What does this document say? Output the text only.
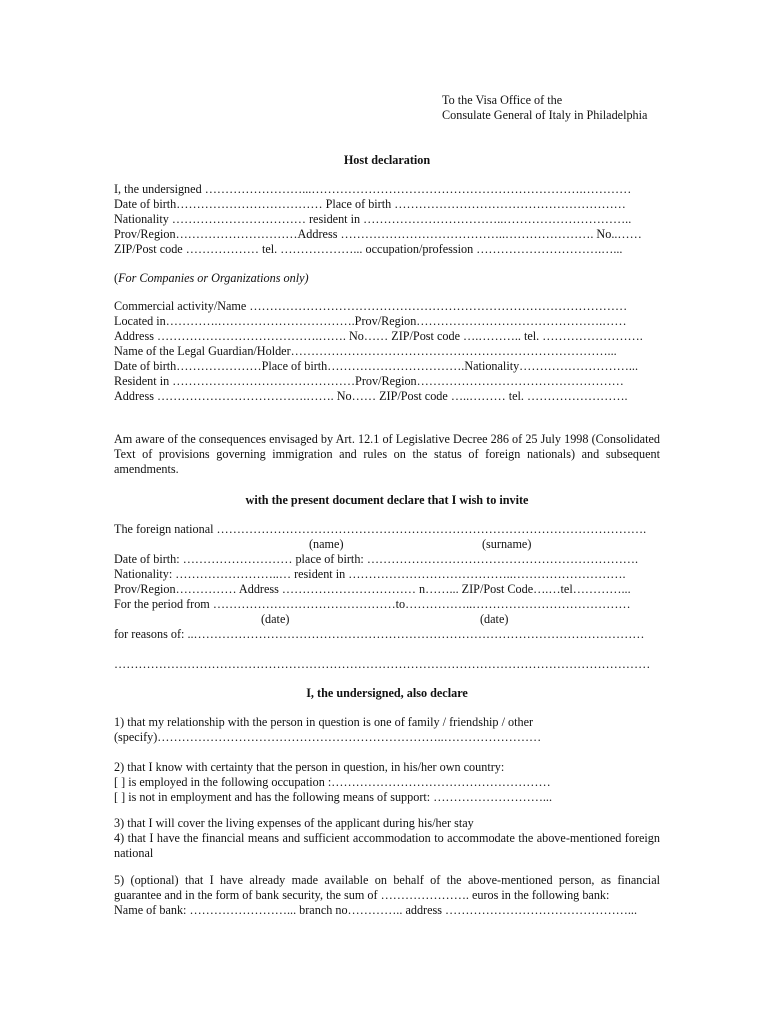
To the Visa Office of the
Consulate General of Italy in Philadelphia
Host declaration
I, the undersigned ……………………...………………………………………………………….…………
Date of birth……………………………… Place of birth …………………………………………………
Nationality …………………………… resident in ……………………………..…………………………..
Prov/Region…………………………Address …………………………………..…………………. No..……
ZIP/Post code ……………… tel. ………………... occupation/profession ………………………….…...
(For Companies or Organizations only)
Commercial activity/Name …………………………………………………………………………………
Located in………….…………………………….Prov/Region……………………………………….……
Address ………………………………….……. No…… ZIP/Post code ….……….. tel. …………………….
Name of the Legal Guardian/Holder……………………………………………………………………...
Date of birth…………………Place of birth…………………………….Nationality………………………...
Resident in ………………………………………Prov/Region……………………………………………
Address ……………………………….……. No…… ZIP/Post code …..……… tel. …………………….
Am aware of the consequences envisaged by Art. 12.1 of Legislative Decree 286 of 25 July 1998 (Consolidated Text of provisions governing immigration and rules on the status of foreign nationals) and subsequent amendments.
with the present document declare that I wish to invite
The foreign national …………………………………………………………………………………………….
(name)	(surname)
Date of birth: ……………………… place of birth: ………………………………………………………….
Nationality: ……………………..… resident in …………………………………..……………………….
Prov/Region…………… Address …………………………… n……... ZIP/Post Code….…tel…………...
For the period from ………………………………………to……………..…………………………………
(date)	(date)
for reasons of: ..…………………………………………………………………………………………………
……………………………………………………………………………………………………………………
I, the undersigned, also declare
1) that my relationship with the person in question is one of family / friendship / other
(specify)……………………………………………………………..……………………
2) that I know with certainty that the person in question, in his/her own country:
[ ] is employed in the following occupation :………………………………………………
[ ] is not in employment and has the following means of support: ………………………...
3) that I will cover the living expenses of the applicant during his/her stay
4) that I have the financial means and sufficient accommodation to accommodate the above-mentioned foreign national
5) (optional) that I have already made available on behalf of the above-mentioned person, as financial guarantee and in the form of bank security, the sum of …………………. euros in the following bank:
Name of bank: ……………………... branch no………….. address ………………………………………...
